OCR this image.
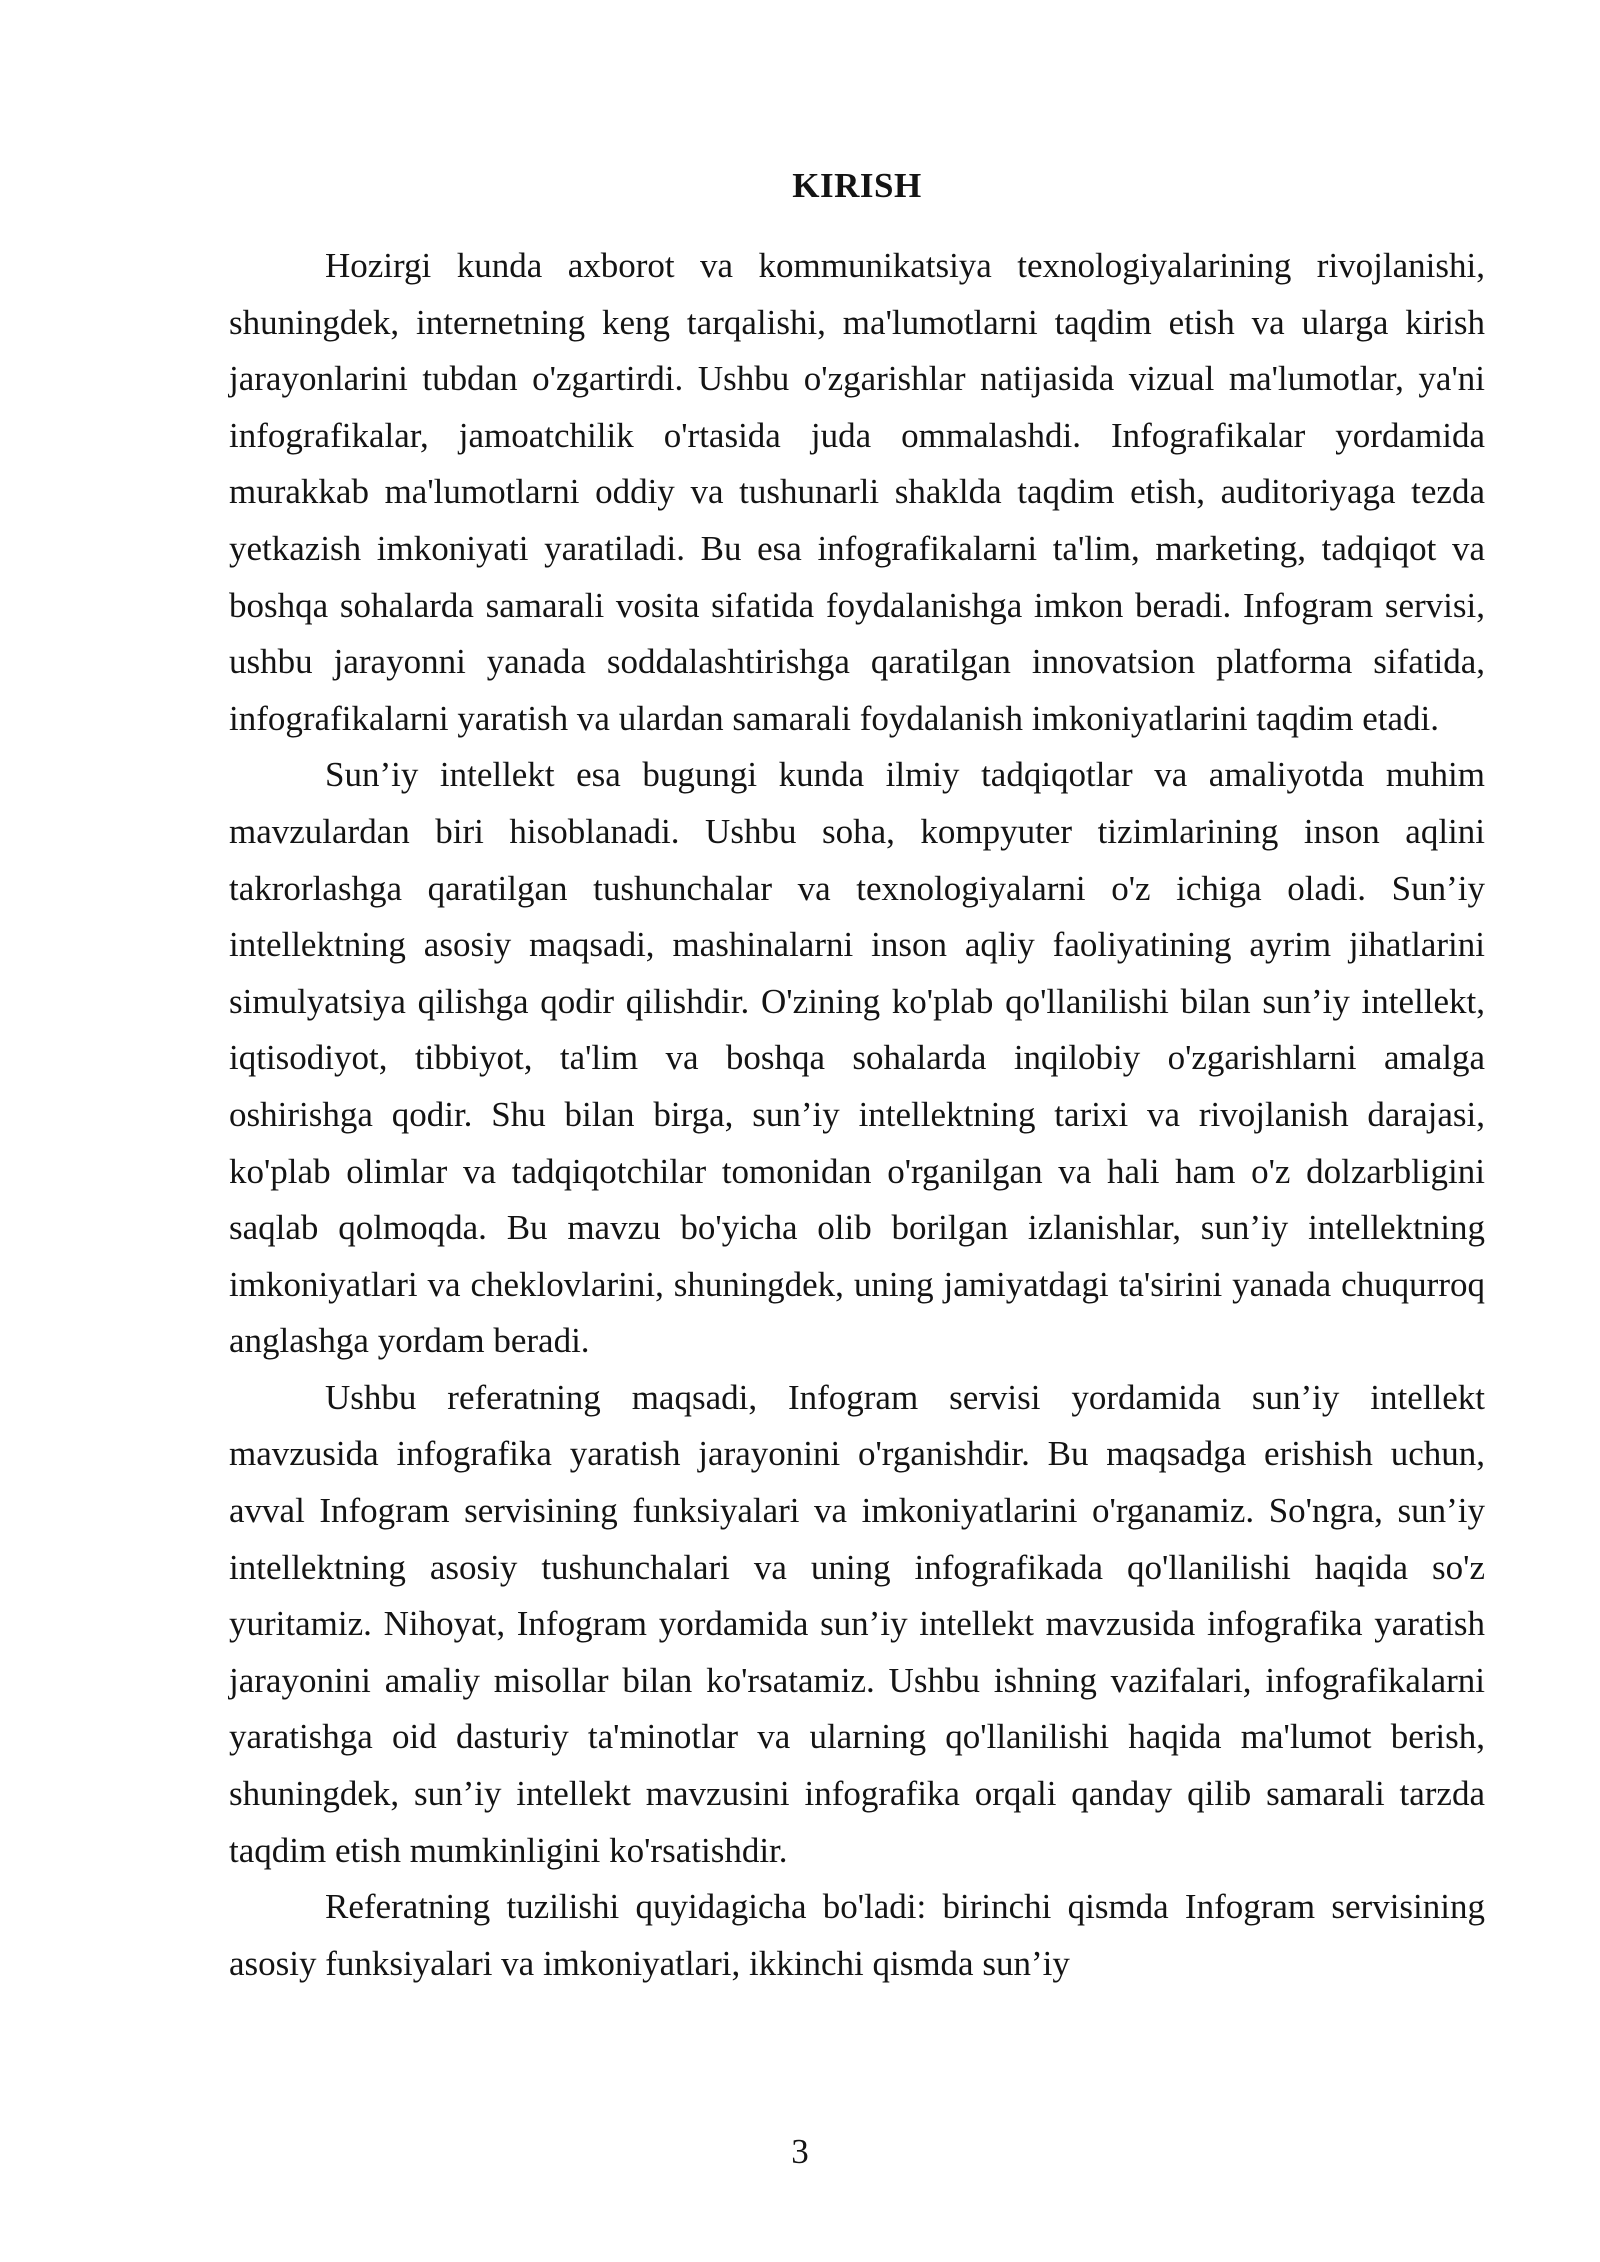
KIRISH

Hozirgi kunda axborot va kommunikatsiya texnologiyalarining rivojlanishi, shuningdek, internetning keng tarqalishi, ma'lumotlarni taqdim etish va ularga kirish jarayonlarini tubdan o'zgartirdi. Ushbu o'zgarishlar natijasida vizual ma'lumotlar, ya'ni infografikalar, jamoatchilik o'rtasida juda ommalashdi. Infografikalar yordamida murakkab ma'lumotlarni oddiy va tushunarli shaklda taqdim etish, auditoriyaga tezda yetkazish imkoniyati yaratiladi. Bu esa infografikalarni ta'lim, marketing, tadqiqot va boshqa sohalarda samarali vosita sifatida foydalanishga imkon beradi. Infogram servisi, ushbu jarayonni yanada soddalashtirishga qaratilgan innovatsion platforma sifatida, infografikalarni yaratish va ulardan samarali foydalanish imkoniyatlarini taqdim etadi.

Sun’iy intellekt esa bugungi kunda ilmiy tadqiqotlar va amaliyotda muhim mavzulardan biri hisoblanadi. Ushbu soha, kompyuter tizimlarining inson aqlini takrorlashga qaratilgan tushunchalar va texnologiyalarni o'z ichiga oladi. Sun’iy intellektning asosiy maqsadi, mashinalarni inson aqliy faoliyatining ayrim jihatlarini simulyatsiya qilishga qodir qilishdir. O'zining ko'plab qo'llanilishi bilan sun’iy intellekt, iqtisodiyot, tibbiyot, ta'lim va boshqa sohalarda inqilobiy o'zgarishlarni amalga oshirishga qodir. Shu bilan birga, sun’iy intellektning tarixi va rivojlanish darajasi, ko'plab olimlar va tadqiqotchilar tomonidan o'rganilgan va hali ham o'z dolzarbligini saqlab qolmoqda. Bu mavzu bo'yicha olib borilgan izlanishlar, sun’iy intellektning imkoniyatlari va cheklovlarini, shuningdek, uning jamiyatdagi ta'sirini yanada chuqurroq anglashga yordam beradi.

Ushbu referatning maqsadi, Infogram servisi yordamida sun’iy intellekt mavzusida infografika yaratish jarayonini o'rganishdir. Bu maqsadga erishish uchun, avval Infogram servisining funksiyalari va imkoniyatlarini o'rganamiz. So'ngra, sun’iy intellektning asosiy tushunchalari va uning infografikada qo'llanilishi haqida so'z yuritamiz. Nihoyat, Infogram yordamida sun’iy intellekt mavzusida infografika yaratish jarayonini amaliy misollar bilan ko'rsatamiz. Ushbu ishning vazifalari, infografikalarni yaratishga oid dasturiy ta'minotlar va ularning qo'llanilishi haqida ma'lumot berish, shuningdek, sun’iy intellekt mavzusini infografika orqali qanday qilib samarali tarzda taqdim etish mumkinligini ko'rsatishdir.

Referatning tuzilishi quyidagicha bo'ladi: birinchi qismda Infogram servisining asosiy funksiyalari va imkoniyatlari, ikkinchi qismda sun’iy

3
